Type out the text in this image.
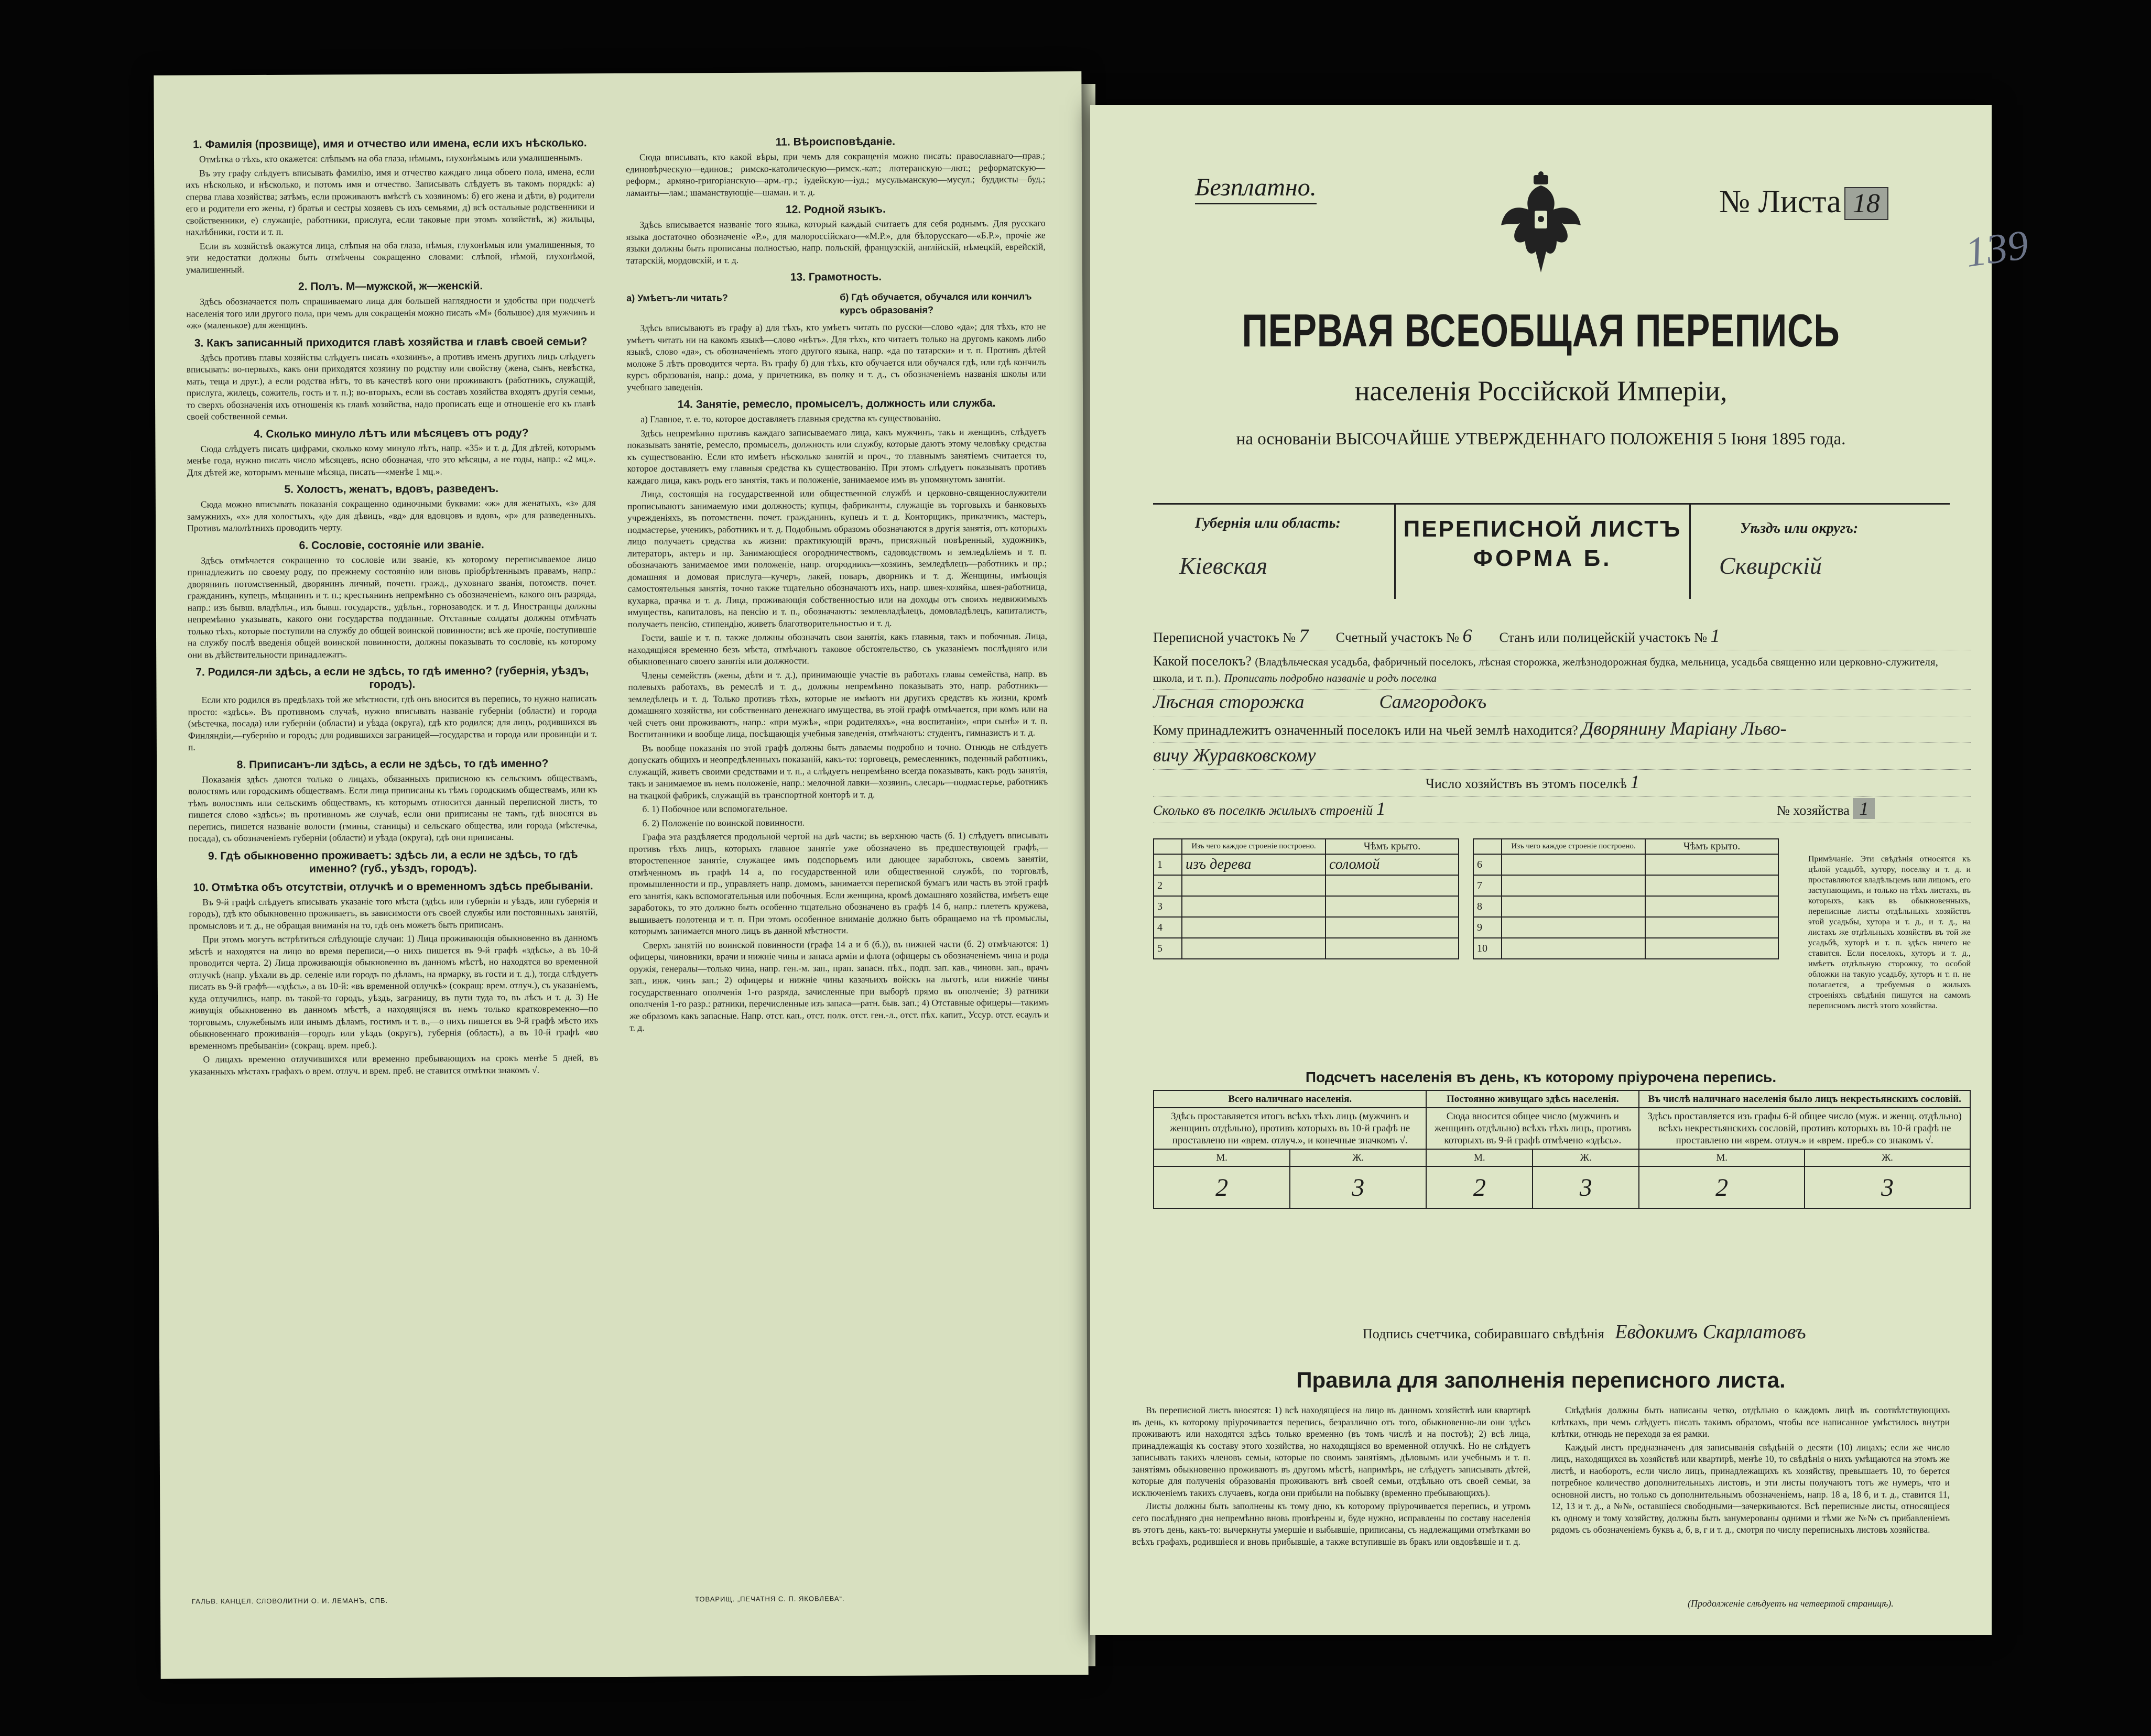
1. Фамилія (прозвище), имя и отчество или имена, если ихъ нѣсколько.

Отмѣтка о тѣхъ, кто окажется: слѣпымъ на оба глаза, нѣмымъ, глухонѣмымъ или умалишеннымъ.

Въ эту графу слѣдуетъ вписывать фамилію, имя и отчество каждаго лица обоего пола, имена, если ихъ нѣсколько, и нѣсколько, и потомъ имя и отчество. Записывать слѣдуетъ въ такомъ порядкѣ: а) сперва глава хозяйства; затѣмъ, если проживаютъ вмѣстѣ съ хозяиномъ: б) его жена и дѣти, в) родители его и родители его жены, г) братья и сестры хозяевъ съ ихъ семьями, д) всѣ остальные родственники и свойственники, е) служащіе, работники, прислуга, если таковые при этомъ хозяйствѣ, ж) жильцы, нахлѣбники, гости и т. п.

Если въ хозяйствѣ окажутся лица, слѣпыя на оба глаза, нѣмыя, глухонѣмыя или умалишенныя, то эти недостатки должны быть отмѣчены сокращенно словами: слѣпой, нѣмой, глухонѣмой, умалишенный.

2. Полъ. М—мужской, ж—женскій.

Здѣсь обозначается полъ спрашиваемаго лица для большей наглядности и удобства при подсчетѣ населенія того или другого пола, при чемъ для сокращенія можно писать «М» (большое) для мужчинъ и «ж» (маленькое) для женщинъ.

3. Какъ записанный приходится главѣ хозяйства и главѣ своей семьи?

Здѣсь противъ главы хозяйства слѣдуетъ писать «хозяинъ», а противъ именъ другихъ лицъ слѣдуетъ вписывать: во-первыхъ, какъ они приходятся хозяину по родству или свойству (жена, сынъ, невѣстка, мать, теща и друг.), а если родства нѣтъ, то въ качествѣ кого они проживаютъ (работникъ, служащій, прислуга, жилецъ, сожитель, гость и т. п.); во-вторыхъ, если въ составъ хозяйства входятъ другія семьи, то сверхъ обозначенія ихъ отношенія къ главѣ хозяйства, надо прописать еще и отношеніе его къ главѣ своей собственной семьи.

4. Сколько минуло лѣтъ или мѣсяцевъ отъ роду?

Сюда слѣдуетъ писать цифрами, сколько кому минуло лѣтъ, напр. «35» и т. д. Для дѣтей, которымъ менѣе года, нужно писать число мѣсяцевъ, ясно обозначая, что это мѣсяцы, а не годы, напр.: «2 мц.». Для дѣтей же, которымъ меньше мѣсяца, писать—«менѣе 1 мц.».

5. Холостъ, женатъ, вдовъ, разведенъ.

Сюда можно вписывать показанія сокращенно одиночными буквами: «ж» для женатыхъ, «з» для замужнихъ, «х» для холостыхъ, «д» для дѣвицъ, «вд» для вдовцовъ и вдовъ, «р» для разведенныхъ. Противъ малолѣтнихъ проводить черту.

6. Сословіе, состояніе или званіе.

Здѣсь отмѣчается сокращенно то сословіе или званіе, къ которому переписываемое лицо принадлежитъ по своему роду, по прежнему состоянію или вновь пріобрѣтеннымъ правамъ, напр.: дворянинъ потомственный, дворянинъ личный, почетн. гражд., духовнаго званія, потомств. почет. гражданинъ, купецъ, мѣщанинъ и т. п.; крестьянинъ непремѣнно съ обозначеніемъ, какого онъ разряда, напр.: изъ бывш. владѣльч., изъ бывш. государств., удѣльн., горнозаводск. и т. д. Иностранцы должны непремѣнно указывать, какого они государства подданные. Отставные солдаты должны отмѣчать только тѣхъ, которые поступили на службу до общей воинской повинности; всѣ же прочіе, поступившіе на службу послѣ введенія общей воинской повинности, должны показывать то сословіе, къ которому они въ дѣйствительности принадлежатъ.

7. Родился-ли здѣсь, а если не здѣсь, то гдѣ именно? (губернія, уѣздъ, городъ).

Если кто родился въ предѣлахъ той же мѣстности, гдѣ онъ вносится въ перепись, то нужно написать просто: «здѣсь». Въ противномъ случаѣ, нужно вписывать названіе губерніи (области) и города (мѣстечка, посада) или губерніи (области) и уѣзда (округа), гдѣ кто родился; для лицъ, родившихся въ Финляндіи,—губернію и городъ; для родившихся заграницей—государства и города или провинціи и т. п.

8. Приписанъ-ли здѣсь, а если не здѣсь, то гдѣ именно?

Показанія здѣсь даются только о лицахъ, обязанныхъ приписною къ сельскимъ обществамъ, волостямъ или городскимъ обществамъ. Если лица приписаны къ тѣмъ городскимъ обществамъ, или къ тѣмъ волостямъ или сельскимъ обществамъ, къ которымъ относится данный переписной листъ, то пишется слово «здѣсь»; въ противномъ же случаѣ, если они приписаны не тамъ, гдѣ вносятся въ перепись, пишется названіе волости (гмины, станицы) и сельскаго общества, или города (мѣстечка, посада), съ обозначеніемъ губерніи (области) и уѣзда (округа), гдѣ они приписаны.

9. Гдѣ обыкновенно проживаетъ: здѣсь ли, а если не здѣсь, то гдѣ именно? (губ., уѣздъ, городъ).
10. Отмѣтка объ отсутствіи, отлучкѣ и о временномъ здѣсь пребываніи.

Въ 9-й графѣ слѣдуетъ вписывать указаніе того мѣста (здѣсь или губерніи и уѣздъ, или губернія и городъ), гдѣ кто обыкновенно проживаетъ, въ зависимости отъ своей службы или постоянныхъ занятій, промысловъ и т. д., не обращая вниманія на то, гдѣ онъ можетъ быть приписанъ.

При этомъ могутъ встрѣтиться слѣдующіе случаи: 1) Лица проживающія обыкновенно въ данномъ мѣстѣ и находятся на лицо во время переписи,—о нихъ пишется въ 9-й графѣ «здѣсь», а въ 10-й проводится черта. 2) Лица проживающія обыкновенно въ данномъ мѣстѣ, но находятся во временной отлучкѣ (напр. уѣхали въ др. селеніе или городъ по дѣламъ, на ярмарку, въ гости и т. д.), тогда слѣдуетъ писать въ 9-й графѣ—«здѣсь», а въ 10-й: «въ временной отлучкѣ» (сокращ: врем. отлуч.), съ указаніемъ, куда отлучились, напр. въ такой-то городъ, уѣздъ, заграницу, въ пути туда то, въ лѣсъ и т. д. 3) Не живущія обыкновенно въ данномъ мѣстѣ, а находящіяся въ немъ только кратковременно—по торговымъ, служебнымъ или инымъ дѣламъ, гостимъ и т. в.,—о нихъ пишется въ 9-й графѣ мѣсто ихъ обыкновеннаго проживанія—городъ или уѣздъ (округъ), губернія (область), а въ 10-й графѣ «во временномъ пребываніи» (сокращ. врем. преб.).

О лицахъ временно отлучившихся или временно пребывающихъ на срокъ менѣе 5 дней, въ указанныхъ мѣстахъ графахъ о врем. отлуч. и врем. преб. не ставится отмѣтки знакомъ √.

11. Вѣроисповѣданіе.

Сюда вписывать, кто какой вѣры, при чемъ для сокращенія можно писать: православнаго—прав.; единовѣрческую—единов.; римско-католическую—римск.-кат.; лютеранскую—лют.; реформатскую—реформ.; армяно-григоріанскую—арм.-гр.; іудейскую—іуд.; мусульманскую—мусул.; буддисты—буд.; ламаиты—лам.; шаманствующіе—шаман. и т. д.

12. Родной языкъ.

Здѣсь вписывается названіе того языка, который каждый считаетъ для себя роднымъ. Для русскаго языка достаточно обозначеніе «Р.», для малороссійскаго—«М.Р.», для бѣлорусскаго—«Б.Р.», прочіе же языки должны быть прописаны полностью, напр. польскій, французскій, англійскій, нѣмецкій, еврейскій, татарскій, мордовскій, и т. д.

13. Грамотность.
а) Умѣетъ-ли читать?	б) Гдѣ обучается, обучался или кончилъ курсъ образованія?

Здѣсь вписываютъ въ графу а) для тѣхъ, кто умѣетъ читать по русски—слово «да»; для тѣхъ, кто не умѣетъ читать ни на какомъ языкѣ—слово «нѣтъ». Для тѣхъ, кто читаетъ только на другомъ какомъ либо языкѣ, слово «да», съ обозначеніемъ этого другого языка, напр. «да по татарски» и т. п. Противъ дѣтей моложе 5 лѣтъ проводится черта. Въ графу б) для тѣхъ, кто обучается или обучался гдѣ, или гдѣ кончилъ курсъ образованія, напр.: дома, у причетника, въ полку и т. д., съ обозначеніемъ названія школы или учебнаго заведенія.

14. Занятіе, ремесло, промыселъ, должность или служба.

а) Главное, т. е. то, которое доставляетъ главныя средства къ существованію.

Здѣсь непремѣнно противъ каждаго записываемаго лица, какъ мужчинъ, такъ и женщинъ, слѣдуетъ показывать занятіе, ремесло, промыселъ, должность или службу, которые даютъ этому человѣку средства къ существованію. Если кто имѣетъ нѣсколько занятій и проч., то главнымъ занятіемъ считается то, которое доставляетъ ему главныя средства къ существованію. При этомъ слѣдуетъ показывать противъ каждаго лица, какъ родъ его занятія, такъ и положеніе, занимаемое имъ въ упомянутомъ занятіи.

Лица, состоящія на государственной или общественной службѣ и церковно-священнослужители прописываютъ занимаемую ими должность; купцы, фабриканты, служащіе въ торговыхъ и банковыхъ учрежденіяхъ, въ потомственн. почет. гражданинъ, купецъ и т. д. Конторщикъ, приказчикъ, мастеръ, подмастерье, ученикъ, работникъ и т. д. Подобнымъ образомъ обозначаются в другія занятія, отъ которыхъ лицо получаетъ средства къ жизни: практикующій врачъ, присяжный повѣренный, художникъ, литераторъ, актеръ и пр. Занимающіеся огородничествомъ, садоводствомъ и земледѣліемъ и т. п. обозначаютъ занимаемое ими положеніе, напр. огородникъ—хозяинъ, земледѣлецъ—работникъ и пр.; домашняя и домовая прислуга—кучеръ, лакей, поваръ, дворникъ и т. д. Женщины, имѣющія самостоятельныя занятія, точно также тщательно обозначаютъ ихъ, напр. швея-хозяйка, швея-работница, кухарка, прачка и т. д. Лица, проживающія собственностью или на доходы отъ своихъ недвижимыхъ имуществъ, капиталовъ, на пенсію и т. п., обозначаютъ: землевладѣлецъ, домовладѣлецъ, капиталистъ, получаетъ пенсію, стипендію, живетъ благотворительностью и т. д.

Гости, вашіе и т. п. также должны обозначать свои занятія, какъ главныя, такъ и побочныя. Лица, находящіяся временно безъ мѣста, отмѣчаютъ таковое обстоятельство, съ указаніемъ послѣдняго или обыкновеннаго своего занятія или должности.

Члены семействъ (жены, дѣти и т. д.), принимающіе участіе въ работахъ главы семейства, напр. въ полевыхъ работахъ, въ ремеслѣ и т. д., должны непремѣнно показывать это, напр. работникъ—земледѣлецъ и т. д. Только противъ тѣхъ, которые не имѣютъ ни другихъ средствъ къ жизни, кромѣ домашняго хозяйства, ни собственнаго денежнаго имущества, въ этой графѣ отмѣчается, при комъ или на чей счетъ они проживаютъ, напр.: «при мужѣ», «при родителяхъ», «на воспитаніи», «при сынѣ» и т. п. Воспитанники и вообще лица, посѣщающія учебныя заведенія, отмѣчаютъ: студентъ, гимназистъ и т. д.

Въ вообще показанія по этой графѣ должны быть даваемы подробно и точно. Отнюдь не слѣдуетъ допускать общихъ и неопредѣленныхъ показаній, какъ-то: торговецъ, ремесленникъ, поденный работникъ, служащій, живетъ своими средствами и т. п., а слѣдуетъ непремѣнно всегда показывать, какъ родъ занятія, такъ и занимаемое въ немъ положеніе, напр.: мелочной лавки—хозяинъ, слесарь—подмастерье, работникъ на ткацкой фабрикѣ, служащій въ транспортной конторѣ и т. д.

б. 1) Побочное или вспомогательное.

б. 2) Положеніе по воинской повинности.

Графа эта раздѣляется продольной чертой на двѣ части; въ верхнюю часть (б. 1) слѣдуетъ вписывать противъ тѣхъ лицъ, которыхъ главное занятіе уже обозначено въ предшествующей графѣ,—второстепенное занятіе, служащее имъ подспорьемъ или дающее заработокъ, своемъ занятіи, отмѣченномъ въ графѣ 14 а, по государственной или общественной службѣ, по торговлѣ, промышленности и пр., управляетъ напр. домомъ, занимается перепиской бумагъ или часть въ этой графѣ его занятія, какъ вспомогательныя или побочныя. Если женщина, кромѣ домашняго хозяйства, имѣетъ еще заработокъ, то это должно быть особенно тщательно обозначено въ графѣ 14 б, напр.: плететъ кружева, вышиваетъ полотенца и т. п. При этомъ особенное вниманіе должно быть обращаемо на тѣ промыслы, которымъ занимается много лицъ въ данной мѣстности.

Сверхъ занятій по воинской повинности (графа 14 а и б (б.)), въ нижней части (б. 2) отмѣчаются: 1) офицеры, чиновники, врачи и нижніе чины и запаса арміи и флота (офицеры съ обозначеніемъ чина и рода оружія, генералы—только чина, напр. ген.-м. зап., прап. запасн. пѣх., подп. зап. кав., чиновн. зап., врачъ зап., инж. чинъ зап.; 2) офицеры и нижніе чины казачьихъ войскъ на льготѣ, или нижніе чины государственнаго ополченія 1-го разряда, зачисленные при выборѣ прямо въ ополченіе; 3) ратники ополченія 1-го разр.: ратники, перечисленные изъ запаса—ратн. быв. зап.; 4) Отставные офицеры—такимъ же образомъ какъ запасные. Напр. отст. кап., отст. полк. отст. ген.-л., отст. пѣх. капит., Уссур. отст. есаулъ и т. д.

ГАЛЬВ. КАНЦЕЛ. СЛОВОЛИТНИ О. И. ЛЕМАНЪ, СПБ.	ТОВАРИЩ. „ПЕЧАТНЯ С. П. ЯКОВЛЕВА“.
Безплатно.	№ Листа 18
139
ПЕРВАЯ ВСЕОБЩАЯ ПЕРЕПИСЬ
населенія Россійской Имперіи,
на основаніи ВЫСОЧАЙШЕ УТВЕРЖДЕННАГО ПОЛОЖЕНІЯ 5 Іюня 1895 года.
Губернія или область:
Кіевская
ПЕРЕПИСНОЙ ЛИСТЪ
ФОРМА Б.
Уѣздъ или округъ:
Сквирскій
Переписной участокъ № 7 Счетный участокъ № 6 Станъ или полицейскій участокъ № 1
Какой поселокъ? (Владѣльческая усадьба, фабричный поселокъ, лѣсная сторожка, желѣзнодорожная будка, мельница, усадьба священно или церковно-служителя, школа, и т. п.). Прописать подробно названіе и родъ поселка
Лѣсная сторожка	Самгородокъ
Кому принадлежитъ означенный поселокъ или на чьей землѣ находится? Дворянину Маріану Льво-
вичу Журавковскому
Число хозяйствъ въ этомъ поселкѣ 1
Сколько въ поселкѣ жилыхъ строеній 1	№ хозяйства 1
	Изъ чего каждое строеніе построено.	Чѣмъ крыто.
1	изъ дерева	соломой
2		
3		
4		
5		
	Изъ чего каждое строеніе построено.	Чѣмъ крыто.
6		
7		
8		
9		
10		
Примѣчаніе. Эти свѣдѣнія относятся къ цѣлой усадьбѣ, хутору, поселку и т. д. и проставляются владѣльцемъ или лицомъ, его заступающимъ, и только на тѣхъ листахъ, въ которыхъ, какъ въ обыкновенныхъ, переписные листы отдѣльныхъ хозяйствъ этой усадьбы, хутора и т. д., и т. д., на листахъ же отдѣльныхъ хозяйствъ въ той же усадьбѣ, хуторѣ и т. п. здѣсь ничего не ставится. Если поселокъ, хуторъ и т. д., имѣетъ отдѣльную сторожку, то особой обложки на такую усадьбу, хуторъ и т. п. не полагается, а требуемыя о жилыхъ строеніяхъ свѣдѣнія пишутся на самомъ переписномъ листѣ этого хозяйства.
Подсчетъ населенія въ день, къ которому пріурочена перепись.
Всего наличнаго населенія.		Постоянно живущаго здѣсь населенія.		Въ числѣ наличнаго населенія было лицъ некрестьянскихъ сословій.	
Здѣсь проставляется итогъ всѣхъ тѣхъ лицъ (мужчинъ и женщинъ отдѣльно), противъ которыхъ въ 10-й графѣ не проставлено ни «врем. отлуч.», и конечные значкомъ √.		Сюда вносится общее число (мужчинъ и женщинъ отдѣльно) всѣхъ тѣхъ лицъ, противъ которыхъ въ 9-й графѣ отмѣчено «здѣсь».		Здѣсь проставляется изъ графы 6-й общее число (муж. и женщ. отдѣльно) всѣхъ некрестьянскихъ сословій, противъ которыхъ въ 10-й графѣ не проставлено ни «врем. отлуч.» и «врем. преб.» со знакомъ √.	
М.	Ж.	М.	Ж.	М.	Ж.
2	3	2	3	2	3
Подпись счетчика, собиравшаго свѣдѣнія Евдокимъ Скарлатовъ
Правила для заполненія переписного листа.

Въ переписной листъ вносятся: 1) всѣ находящіеся на лицо въ данномъ хозяйствѣ или квартирѣ въ день, къ которому пріурочивается перепись, безразлично отъ того, обыкновенно-ли они здѣсь проживаютъ или находятся здѣсь только временно (въ томъ числѣ и на постоѣ); 2) всѣ лица, принадлежащія къ составу этого хозяйства, но находящіяся во временной отлучкѣ. Но не слѣдуетъ записывать такихъ членовъ семьи, которые по своимъ занятіямъ, дѣловымъ или учебнымъ и т. п. занятіямъ обыкновенно проживаютъ въ другомъ мѣстѣ, напримѣръ, не слѣдуетъ записывать дѣтей, которые для полученія образованія проживаютъ внѣ своей семьи, отдѣльно отъ своей семьи, за исключеніемъ такихъ случаевъ, когда они прибыли на побывку (временно пребывающихъ).

Листы должны быть заполнены къ тому дню, къ которому пріурочивается перепись, и утромъ сего послѣдняго дня непремѣнно вновь провѣрены и, буде нужно, исправлены по составу населенія въ этотъ день, какъ-то: вычеркнуты умершіе и выбывшіе, приписаны, съ надлежащими отмѣтками во всѣхъ графахъ, родившіеся и вновь прибывшіе, а также вступившіе въ бракъ или овдовѣвшіе и т. д.

Свѣдѣнія должны быть написаны четко, отдѣльно о каждомъ лицѣ въ соотвѣтствующихъ клѣткахъ, при чемъ слѣдуетъ писать такимъ образомъ, чтобы все написанное умѣстилось внутри клѣтки, отнюдь не переходя за ея рамки.

Каждый листъ предназначенъ для записыванія свѣдѣній о десяти (10) лицахъ; если же число лицъ, находящихся въ хозяйствѣ или квартирѣ, менѣе 10, то свѣдѣнія о нихъ умѣщаются на этомъ же листѣ, и наоборотъ, если число лицъ, принадлежащихъ къ хозяйству, превышаетъ 10, то берется потребное количество дополнительныхъ листовъ, и эти листы получаютъ тотъ же нумеръ, что и основной листъ, но только съ дополнительнымъ обозначеніемъ, напр. 18 а, 18 б, и т. д., ставится 11, 12, 13 и т. д., а №№, оставшіеся свободными—зачеркиваются. Всѣ переписные листы, относящіеся къ одному и тому хозяйству, должны быть занумерованы одними и тѣми же №№ съ прибавленіемъ рядомъ съ обозначеніемъ буквъ а, б, в, г и т. д., смотря по числу переписныхъ листовъ хозяйства.

(Продолженіе слѣдуетъ на четвертой страницѣ).
